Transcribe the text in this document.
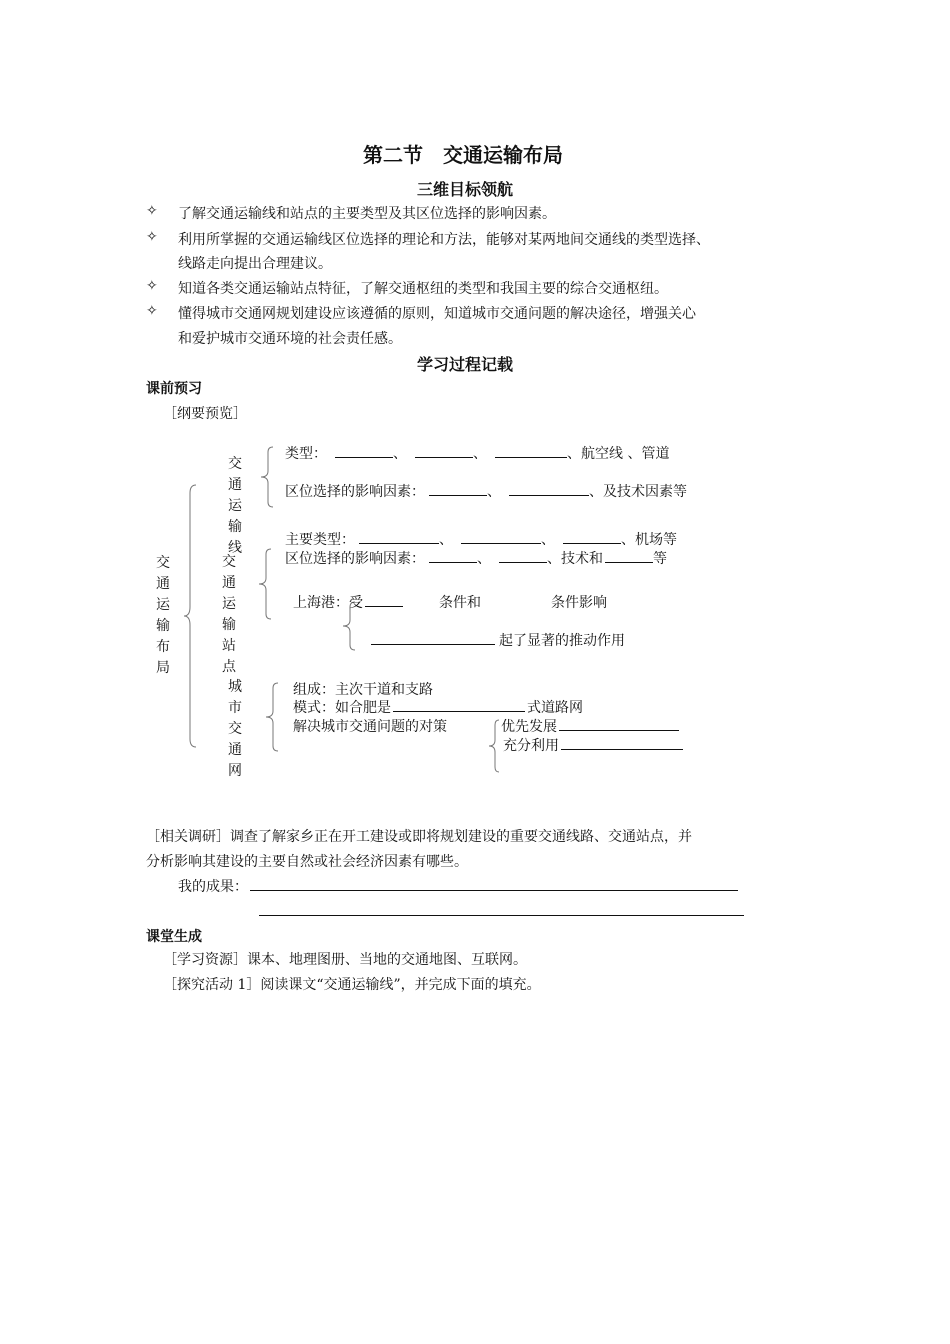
第二节　交通运输布局
三维目标领航
✧ 了解交通运输线和站点的主要类型及其区位选择的影响因素。
✧ 利用所掌握的交通运输线区位选择的理论和方法，能够对某两地间交通线的类型选择、
线路走向提出合理建议。
✧ 知道各类交通运输站点特征，了解交通枢纽的类型和我国主要的综合交通枢纽。
✧ 懂得城市交通网规划建设应该遵循的原则，知道城市交通问题的解决途径，增强关心
和爱护城市交通环境的社会责任感。
学习过程记载
课前预习
［纲要预览］
交通运输布局
交通运输线
交通运输站点
城市交通网
类型：	、	、	、航空线 、管道
区位选择的影响因素：	、	、及技术因素等
主要类型：	、	、	、机场等
区位选择的影响因素：	、	、技术和	等
上海港：受	条件和	条件影响
起了显著的推动作用
组成：主次干道和支路
模式：如合肥是	式道路网
解决城市交通问题的对策	优先发展
充分利用
［相关调研］调查了解家乡正在开工建设或即将规划建设的重要交通线路、交通站点，并
分析影响其建设的主要自然或社会经济因素有哪些。
我的成果：
课堂生成
［学习资源］课本、地理图册、当地的交通地图、互联网。
［探究活动 1］阅读课文“交通运输线”，并完成下面的填充。
